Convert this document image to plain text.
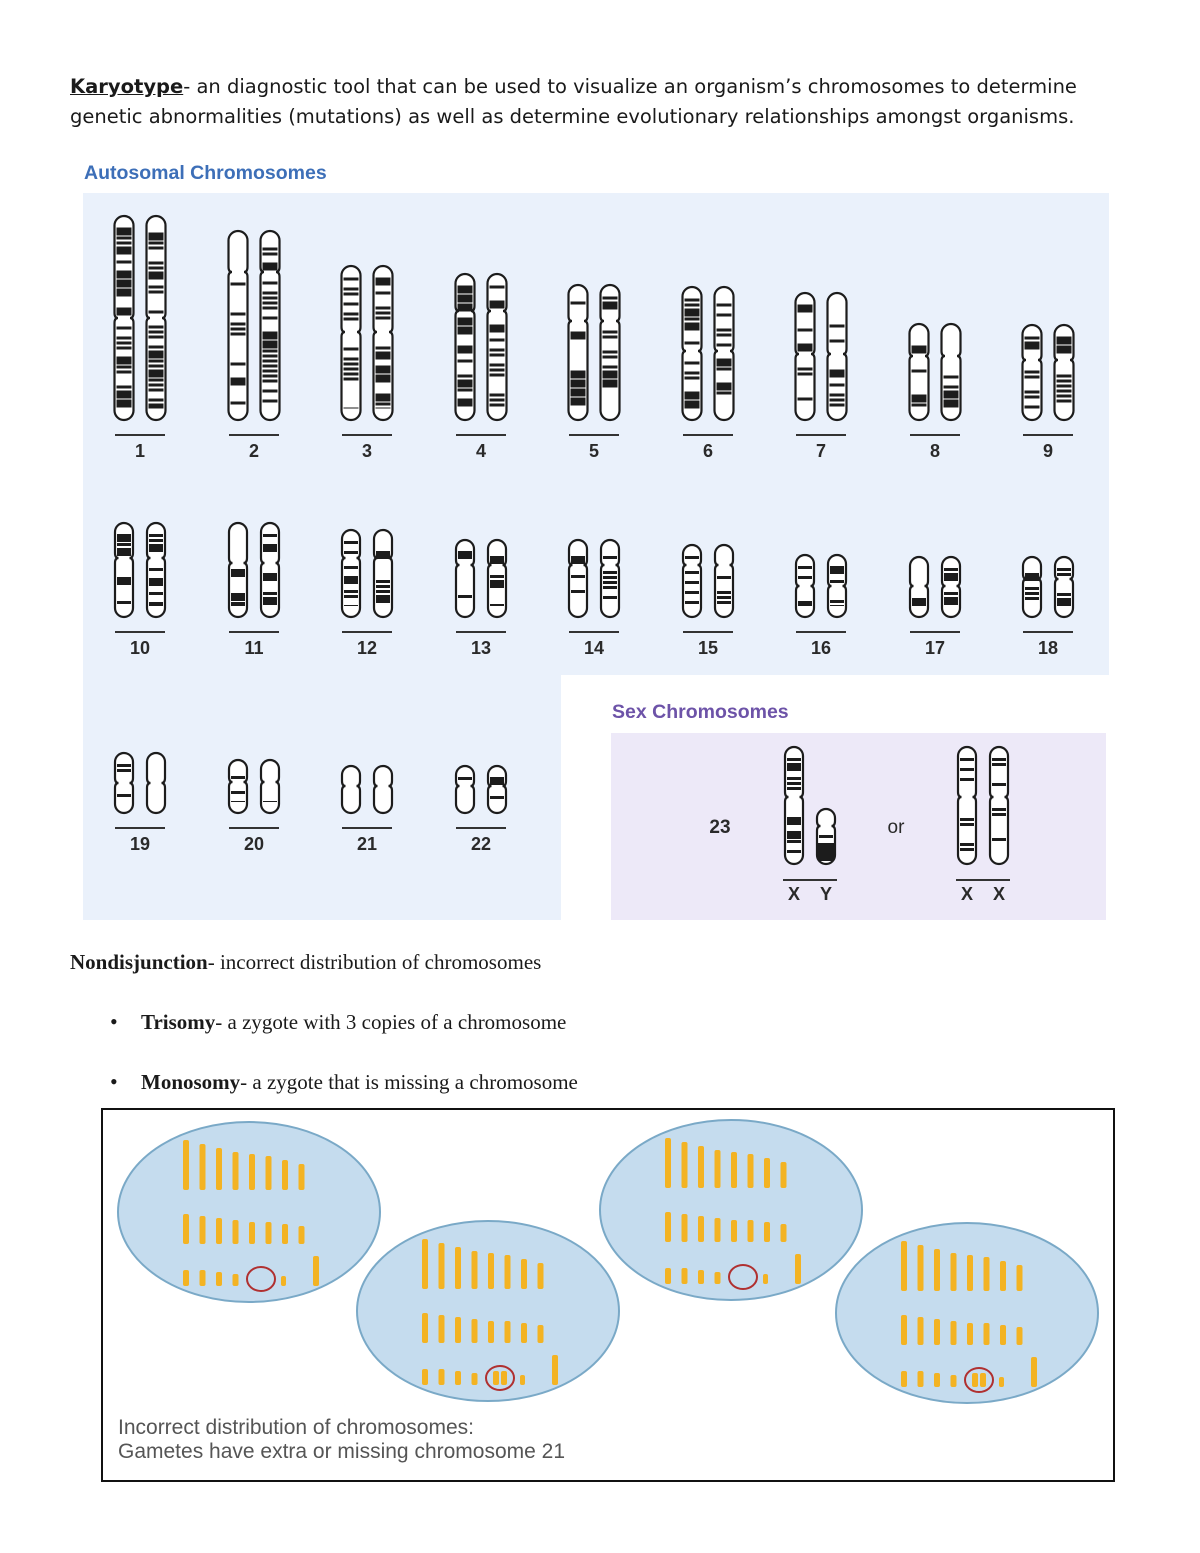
Karyotype- an diagnostic tool that can be used to visualize an organism’s chromosomes to determine genetic abnormalities (mutations) as well as determine evolutionary relationships amongst organisms.
Autosomal Chromosomes
Sex Chromosomes
1	2	3	4	5	6	7	8	9
10	11	12	13	14	15	16	17	18
19	20	21	22
23	or
X Y	X X
Nondisjunction- incorrect distribution of chromosomes
• Trisomy- a zygote with 3 copies of a chromosome
• Monosomy- a zygote that is missing a chromosome
Incorrect distribution of chromosomes:
Gametes have extra or missing chromosome 21
